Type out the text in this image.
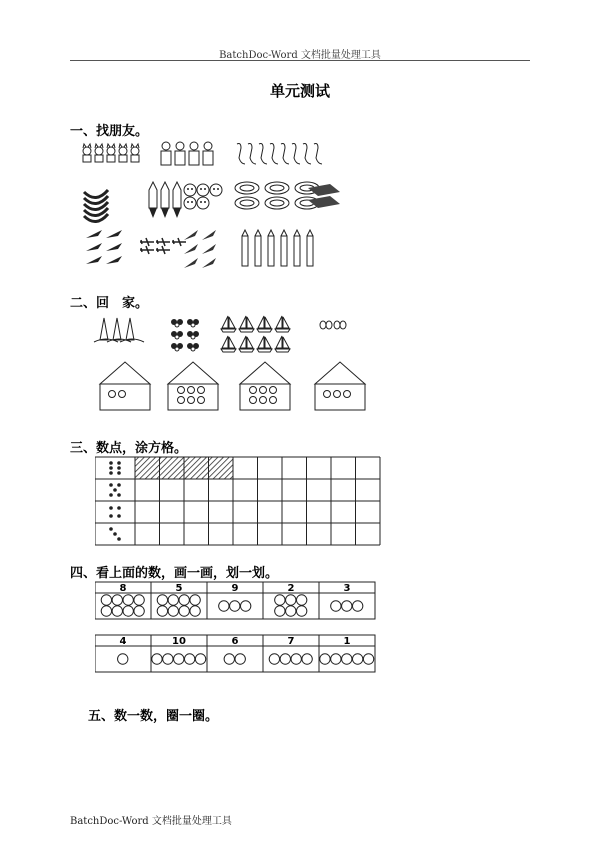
BatchDoc-Word 文档批量处理工具
单元测试
一、找朋友。
二、回　家。
三、数点，涂方格。
四、看上面的数，画一画，划一划。
8	5	9	2	3
4	10	6	7	1
五、数一数，圈一圈。
BatchDoc-Word 文档批量处理工具
